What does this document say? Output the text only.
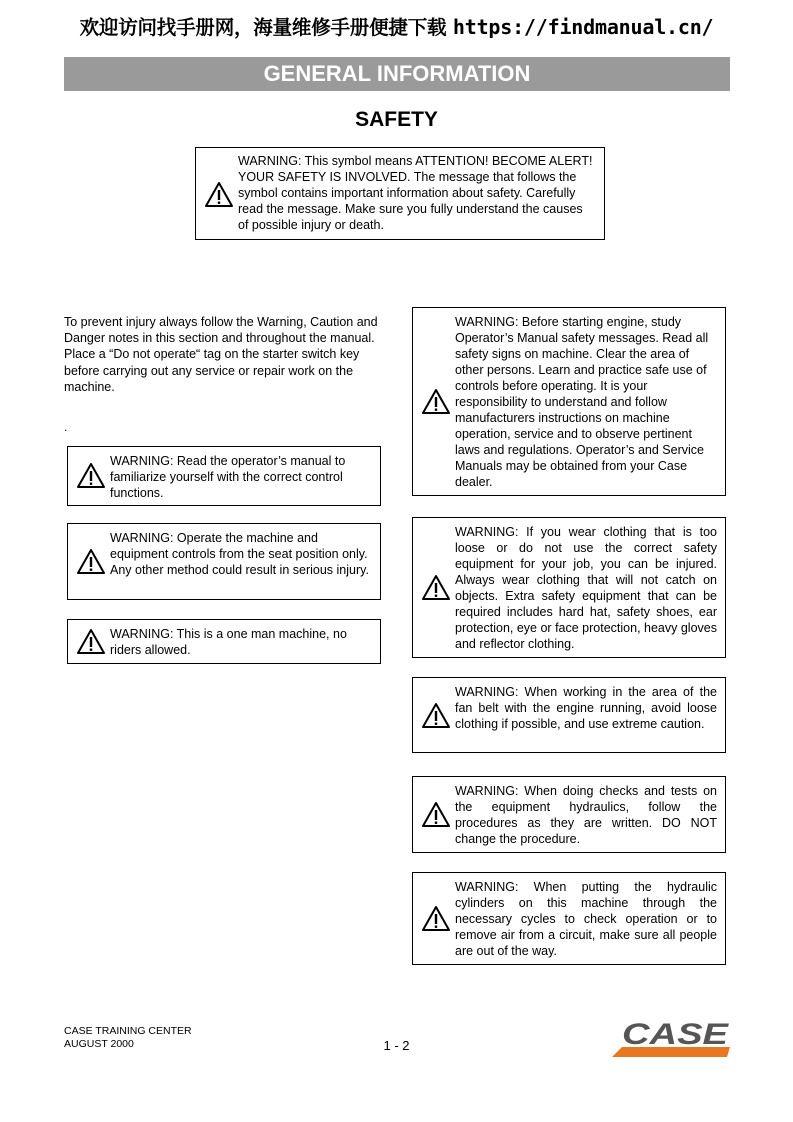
欢迎访问找手册网，海量维修手册便捷下载 https://findmanual.cn/
GENERAL INFORMATION
SAFETY
WARNING: This symbol means ATTENTION! BECOME ALERT! YOUR SAFETY IS INVOLVED. The message that follows the symbol contains important information about safety. Carefully read the message. Make sure you fully understand the causes of possible injury or death.

To prevent injury always follow the Warning, Caution and Danger notes in this section and throughout the manual.

Place a “Do not operate“ tag on the starter switch key before carrying out any service or repair work on the machine.

.
WARNING: Read the operator’s manual to familiarize yourself with the correct control functions.
WARNING: Operate the machine and equipment controls from the seat position only. Any other method could result in serious injury.
WARNING: This is a one man machine, no riders allowed.
WARNING: Before starting engine, study Operator’s Manual safety messages. Read all safety signs on machine. Clear the area of other persons. Learn and practice safe use of controls before operating. It is your responsibility to understand and follow manufacturers instructions on machine operation, service and to observe pertinent laws and regulations. Operator’s and Service Manuals may be obtained from your Case dealer.
WARNING: If you wear clothing that is too loose or do not use the correct safety equipment for your job, you can be injured. Always wear clothing that will not catch on objects. Extra safety equipment that can be required includes hard hat, safety shoes, ear protection, eye or face protection, heavy gloves and reflector clothing.
WARNING: When working in the area of the fan belt with the engine running, avoid loose clothing if possible, and use extreme caution.
WARNING: When doing checks and tests on the equipment hydraulics, follow the procedures as they are written. DO NOT change the procedure.
WARNING: When putting the hydraulic cylinders on this machine through the necessary cycles to check operation or to remove air from a circuit, make sure all people are out of the way.
CASE TRAINING CENTER
AUGUST 2000	1 - 2	CASE
